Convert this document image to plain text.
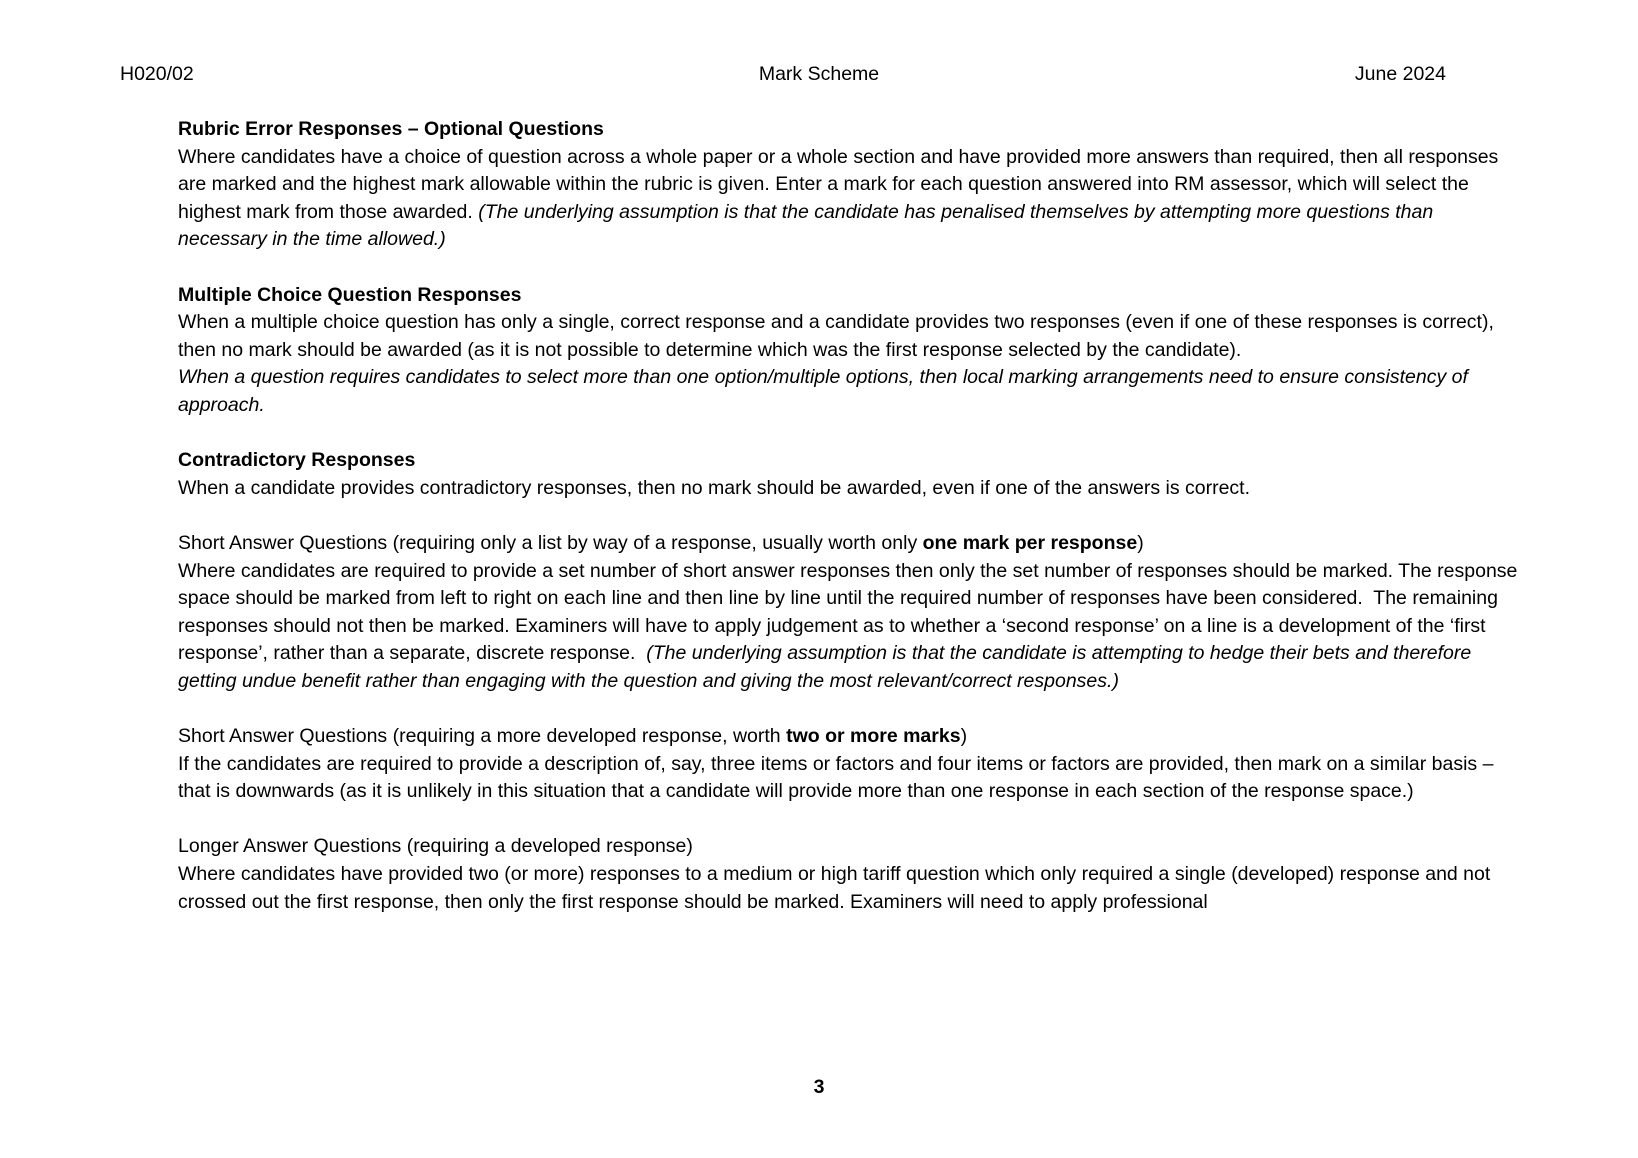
H020/02	Mark Scheme	June 2024
Rubric Error Responses – Optional Questions

Where candidates have a choice of question across a whole paper or a whole section and have provided more answers than required, then all responses are marked and the highest mark allowable within the rubric is given. Enter a mark for each question answered into RM assessor, which will select the highest mark from those awarded. (The underlying assumption is that the candidate has penalised themselves by attempting more questions than necessary in the time allowed.)

Multiple Choice Question Responses

When a multiple choice question has only a single, correct response and a candidate provides two responses (even if one of these responses is correct), then no mark should be awarded (as it is not possible to determine which was the first response selected by the candidate).
When a question requires candidates to select more than one option/multiple options, then local marking arrangements need to ensure consistency of approach.

Contradictory Responses

When a candidate provides contradictory responses, then no mark should be awarded, even if one of the answers is correct.

Short Answer Questions (requiring only a list by way of a response, usually worth only one mark per response)

Where candidates are required to provide a set number of short answer responses then only the set number of responses should be marked. The response space should be marked from left to right on each line and then line by line until the required number of responses have been considered.  The remaining responses should not then be marked. Examiners will have to apply judgement as to whether a ‘second response’ on a line is a development of the ‘first response’, rather than a separate, discrete response.  (The underlying assumption is that the candidate is attempting to hedge their bets and therefore getting undue benefit rather than engaging with the question and giving the most relevant/correct responses.)

Short Answer Questions (requiring a more developed response, worth two or more marks)

If the candidates are required to provide a description of, say, three items or factors and four items or factors are provided, then mark on a similar basis – that is downwards (as it is unlikely in this situation that a candidate will provide more than one response in each section of the response space.)

Longer Answer Questions (requiring a developed response)

Where candidates have provided two (or more) responses to a medium or high tariff question which only required a single (developed) response and not crossed out the first response, then only the first response should be marked. Examiners will need to apply professional

3
